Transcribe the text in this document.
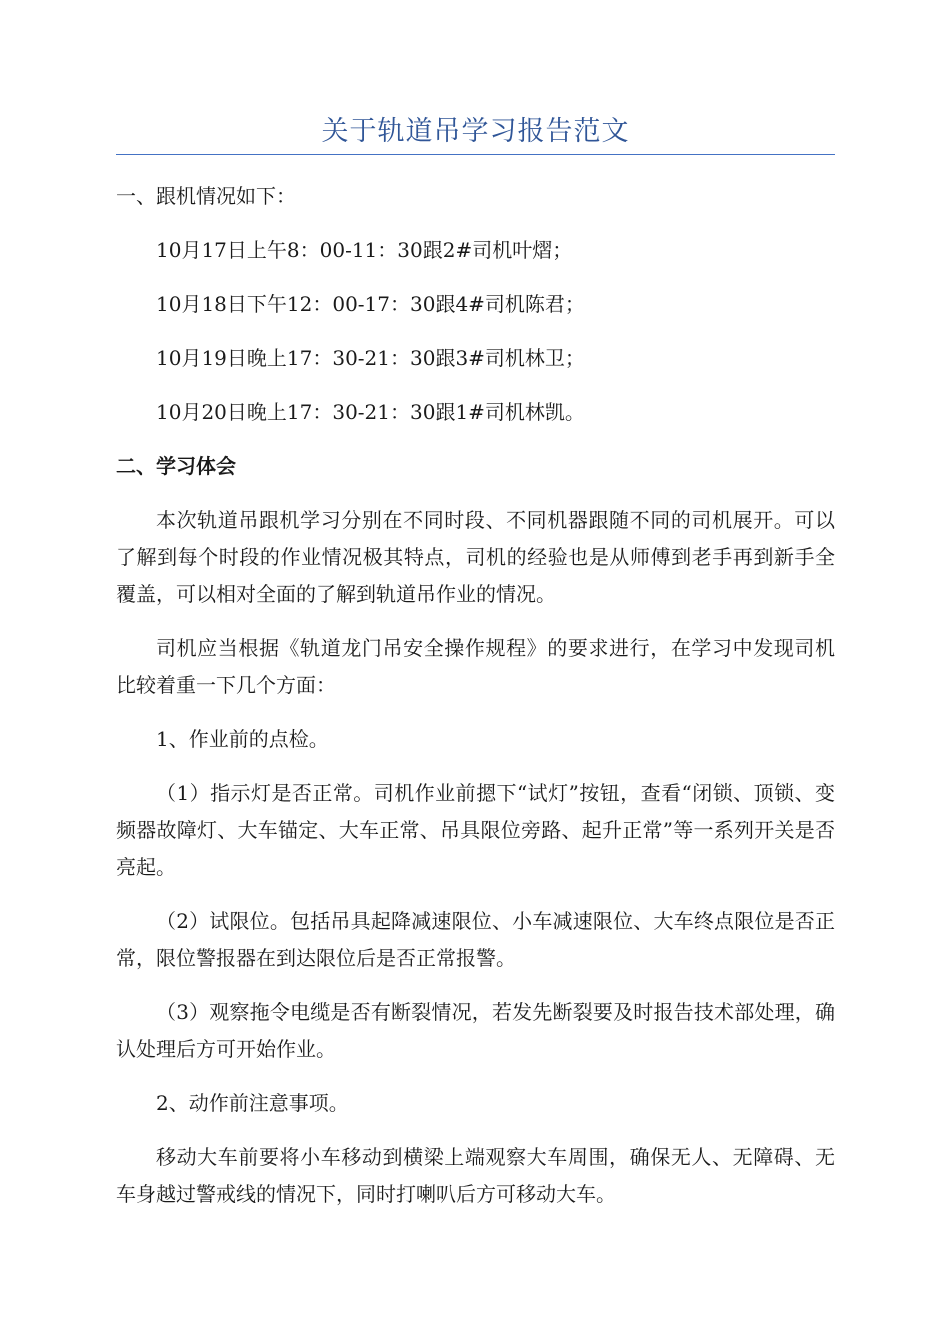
关于轨道吊学习报告范文

一、跟机情况如下：

10月17日上午8：00-11：30跟2#司机叶熠；

10月18日下午12：00-17：30跟4#司机陈君；

10月19日晚上17：30-21：30跟3#司机林卫；

10月20日晚上17：30-21：30跟1#司机林凯。

二、学习体会

本次轨道吊跟机学习分别在不同时段、不同机器跟随不同的司机展开。可以了解到每个时段的作业情况极其特点，司机的经验也是从师傅到老手再到新手全覆盖，可以相对全面的了解到轨道吊作业的情况。

司机应当根据《轨道龙门吊安全操作规程》的要求进行，在学习中发现司机比较着重一下几个方面：

1、作业前的点检。

（1）指示灯是否正常。司机作业前摁下“试灯”按钮，查看“闭锁、顶锁、变频器故障灯、大车锚定、大车正常、吊具限位旁路、起升正常”等一系列开关是否亮起。

（2）试限位。包括吊具起降减速限位、小车减速限位、大车终点限位是否正常，限位警报器在到达限位后是否正常报警。

（3）观察拖令电缆是否有断裂情况，若发先断裂要及时报告技术部处理，确认处理后方可开始作业。

2、动作前注意事项。

移动大车前要将小车移动到横梁上端观察大车周围，确保无人、无障碍、无车身越过警戒线的情况下，同时打喇叭后方可移动大车。
